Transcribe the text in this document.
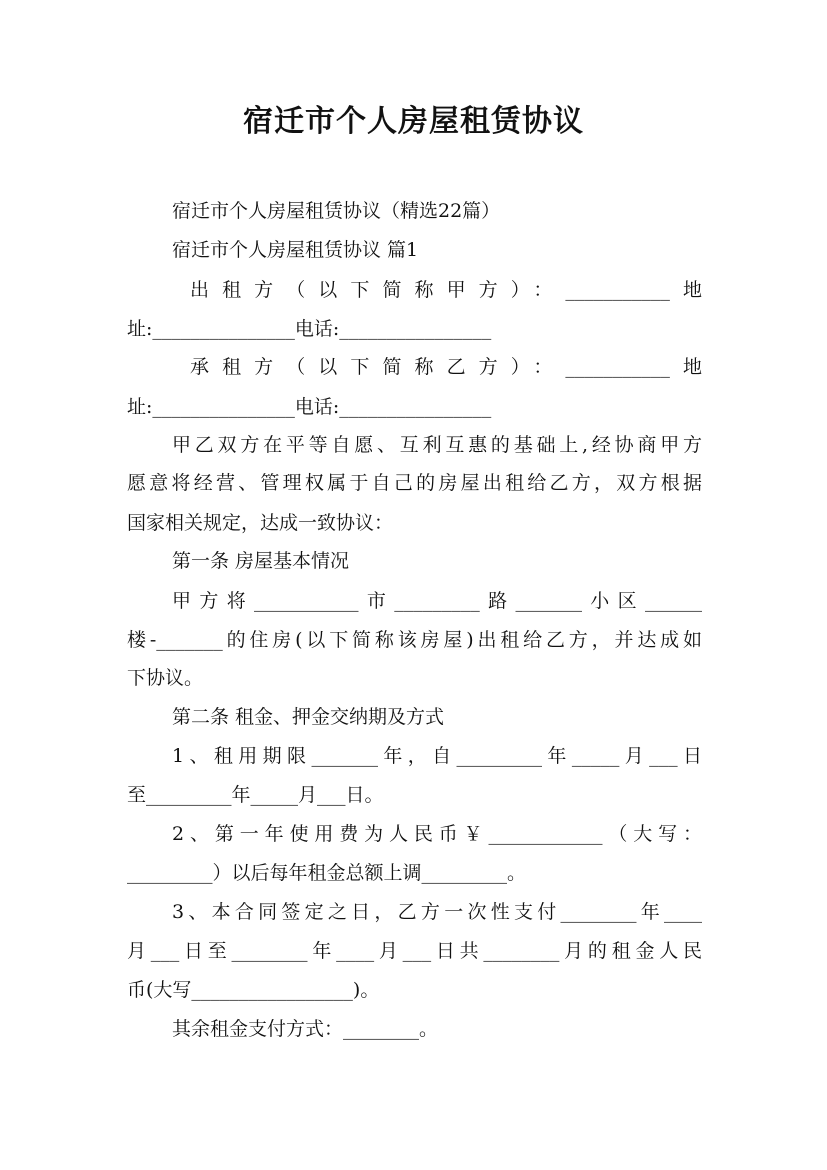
宿迁市个人房屋租赁协议
宿迁市个人房屋租赁协议（精选22篇）
宿迁市个人房屋租赁协议 篇1
出租方（以下简称甲方）：___________地
址:_______________电话:________________
承租方（以下简称乙方）：___________地
址:_______________电话:________________
甲乙双方在平等自愿、互利互惠的基础上,经协商甲方
愿意将经营、管理权属于自己的房屋出租给乙方，双方根据
国家相关规定，达成一致协议：
第一条 房屋基本情况
甲方将___________市_________路_______小区______
楼-_______的住房(以下简称该房屋)出租给乙方，并达成如
下协议。
第二条 租金、押金交纳期及方式
1、租用期限_______年，自_________年_____月___日
至_________年_____月___日。
2、第一年使用费为人民币￥____________（大写：
_________）以后每年租金总额上调_________。
3、本合同签定之日，乙方一次性支付________年____
月___日至________年____月___日共________月的租金人民
币(大写_________________)。
其余租金支付方式：________。
